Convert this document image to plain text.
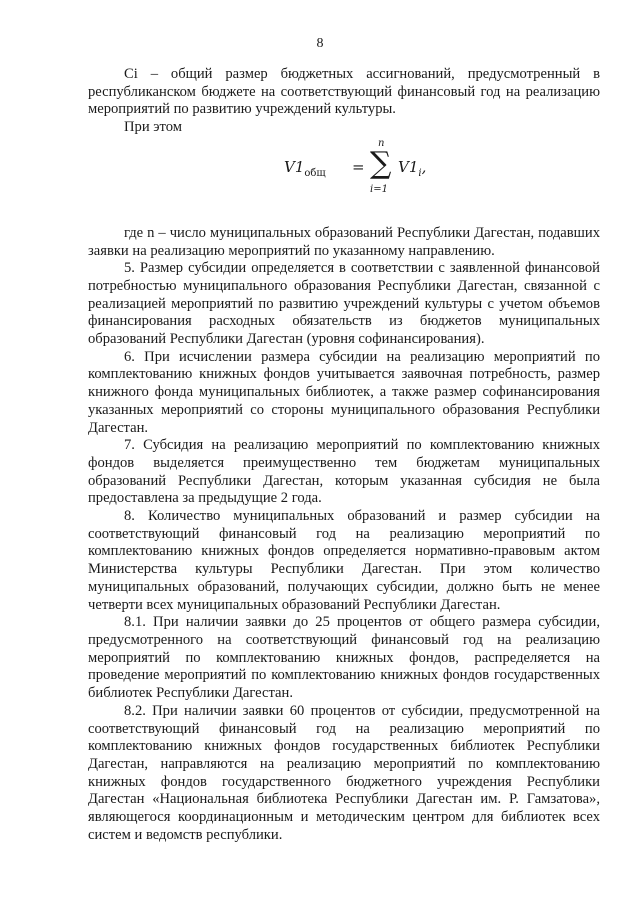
8

Ci – общий размер бюджетных ассигнований, предусмотренный в республиканском бюджете на соответствующий финансовый год на реализацию мероприятий по развитию учреждений культуры.

При этом

$V1_{общ}$ =
n
∑
i=1
$V1_i$,

где n – число муниципальных образований Республики Дагестан, подавших заявки на реализацию мероприятий по указанному направлению.

5. Размер субсидии определяется в соответствии с заявленной финансовой потребностью муниципального образования Республики Дагестан, связанной с реализацией мероприятий по развитию учреждений культуры с учетом объемов финансирования расходных обязательств из бюджетов муниципальных образований Республики Дагестан (уровня софинансирования).

6. При исчислении размера субсидии на реализацию мероприятий по комплектованию книжных фондов учитывается заявочная потребность, размер книжного фонда муниципальных библиотек, а также размер софинансирования указанных мероприятий со стороны муниципального образования Республики Дагестан.

7. Субсидия на реализацию мероприятий по комплектованию книжных фондов выделяется преимущественно тем бюджетам муниципальных образований Республики Дагестан, которым указанная субсидия не была предоставлена за предыдущие 2 года.

8. Количество муниципальных образований и размер субсидии на соответствующий финансовый год на реализацию мероприятий по комплектованию книжных фондов определяется нормативно-правовым актом Министерства культуры Республики Дагестан. При этом количество муниципальных образований, получающих субсидии, должно быть не менее четверти всех муниципальных образований Республики Дагестан.

8.1. При наличии заявки до 25 процентов от общего размера субсидии, предусмотренного на соответствующий финансовый год на реализацию мероприятий по комплектованию книжных фондов, распределяется на проведение мероприятий по комплектованию книжных фондов государственных библиотек Республики Дагестан.

8.2. При наличии заявки 60 процентов от субсидии, предусмотренной на соответствующий финансовый год на реализацию мероприятий по комплектованию книжных фондов государственных библиотек Республики Дагестан, направляются на реализацию мероприятий по комплектованию книжных фондов государственного бюджетного учреждения Республики Дагестан «Национальная библиотека Республики Дагестан им. Р. Гамзатова», являющегося координационным и методическим центром для библиотек всех систем и ведомств республики.
